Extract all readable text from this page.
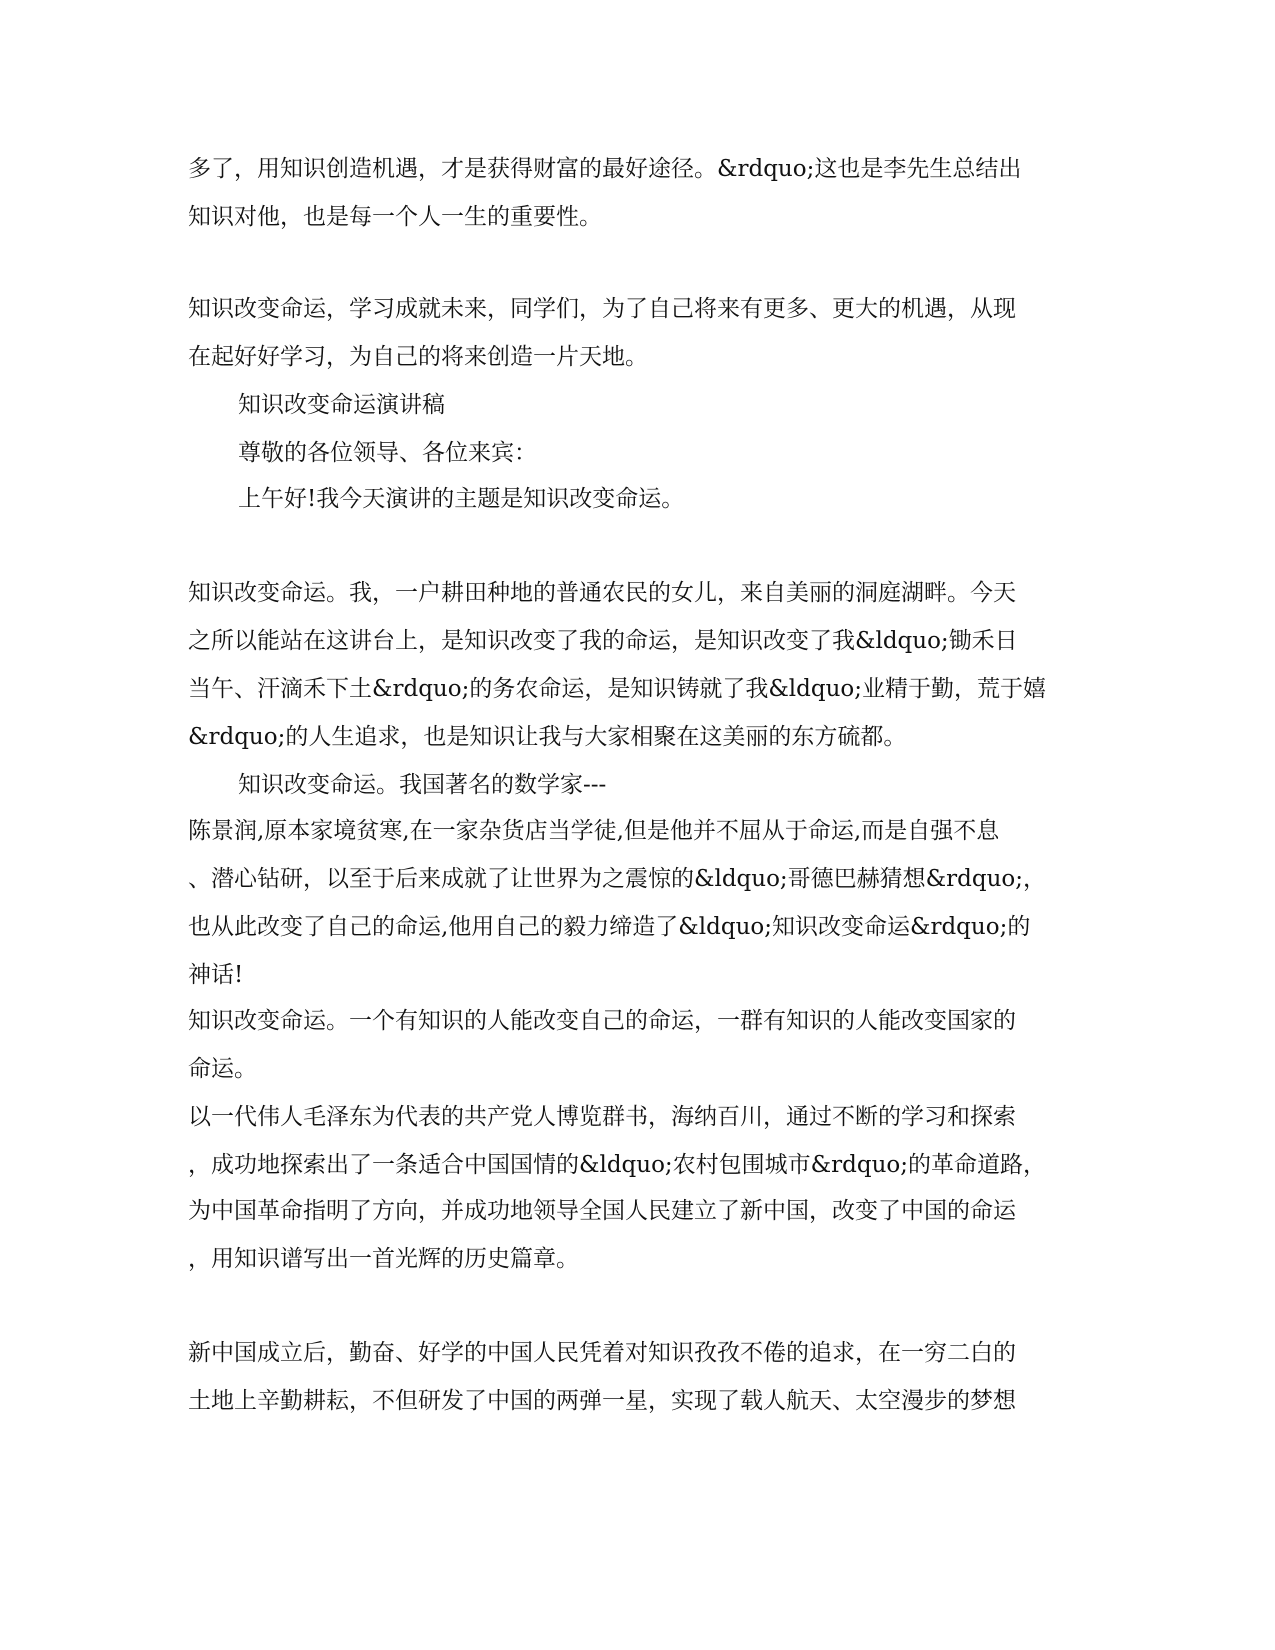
多了，用知识创造机遇，才是获得财富的最好途径。&rdquo;这也是李先生总结出
知识对他，也是每一个人一生的重要性。
知识改变命运，学习成就未来，同学们，为了自己将来有更多、更大的机遇，从现
在起好好学习，为自己的将来创造一片天地。
知识改变命运演讲稿
尊敬的各位领导、各位来宾：
上午好!我今天演讲的主题是知识改变命运。
知识改变命运。我，一户耕田种地的普通农民的女儿，来自美丽的洞庭湖畔。今天
之所以能站在这讲台上，是知识改变了我的命运，是知识改变了我&ldquo;锄禾日
当午、汗滴禾下土&rdquo;的务农命运，是知识铸就了我&ldquo;业精于勤，荒于嬉
&rdquo;的人生追求，也是知识让我与大家相聚在这美丽的东方硫都。
知识改变命运。我国著名的数学家---
陈景润,原本家境贫寒,在一家杂货店当学徒,但是他并不屈从于命运,而是自强不息
、潜心钻研，以至于后来成就了让世界为之震惊的&ldquo;哥德巴赫猜想&rdquo;，
也从此改变了自己的命运,他用自己的毅力缔造了&ldquo;知识改变命运&rdquo;的
神话!
知识改变命运。一个有知识的人能改变自己的命运，一群有知识的人能改变国家的
命运。
以一代伟人毛泽东为代表的共产党人博览群书，海纳百川，通过不断的学习和探索
，成功地探索出了一条适合中国国情的&ldquo;农村包围城市&rdquo;的革命道路，
为中国革命指明了方向，并成功地领导全国人民建立了新中国，改变了中国的命运
，用知识谱写出一首光辉的历史篇章。
新中国成立后，勤奋、好学的中国人民凭着对知识孜孜不倦的追求，在一穷二白的
土地上辛勤耕耘，不但研发了中国的两弹一星，实现了载人航天、太空漫步的梦想
